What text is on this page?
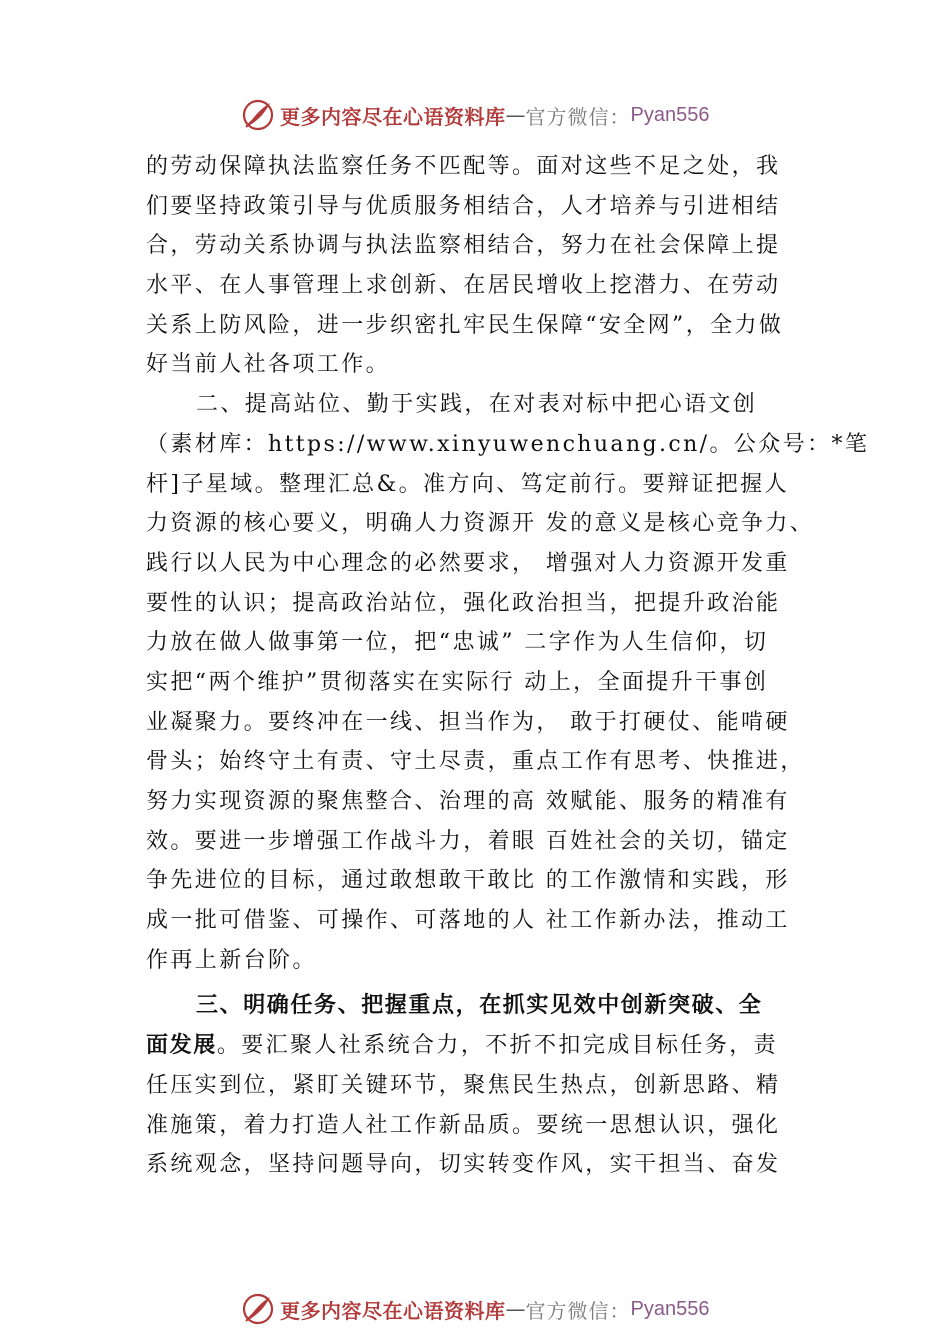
更多内容尽在心语资料库 — 官方微信： Pyan556
的劳动保障执法监察任务不匹配等。面对这些不足之处，我
们要坚持政策引导与优质服务相结合，人才培养与引进相结
合，劳动关系协调与执法监察相结合，努力在社会保障上提
水平、在人事管理上求创新、在居民增收上挖潜力、在劳动
关系上防风险，进一步织密扎牢民生保障“安全网”，全力做
好当前人社各项工作。
二、提高站位、勤于实践，在对表对标中把心语文创
（素材库：https://www.xinyuwenchuang.cn/。公众号：*笔
杆]子星域。整理汇总&。准方向、笃定前行。要辩证把握人
力资源的核心要义，明确人力资源开 发的意义是核心竞争力、
践行以人民为中心理念的必然要求， 增强对人力资源开发重
要性的认识；提高政治站位，强化政治担当，把提升政治能
力放在做人做事第一位，把“忠诚” 二字作为人生信仰，切
实把“两个维护”贯彻落实在实际行 动上，全面提升干事创
业凝聚力。要终冲在一线、担当作为， 敢于打硬仗、能啃硬
骨头；始终守土有责、守土尽责，重点工作有思考、快推进，
努力实现资源的聚焦整合、治理的高 效赋能、服务的精准有
效。要进一步增强工作战斗力，着眼 百姓社会的关切，锚定
争先进位的目标，通过敢想敢干敢比 的工作激情和实践，形
成一批可借鉴、可操作、可落地的人 社工作新办法，推动工
作再上新台阶。
三、明确任务、把握重点，在抓实见效中创新突破、全
面发展。要汇聚人社系统合力，不折不扣完成目标任务，责
任压实到位，紧盯关键环节，聚焦民生热点，创新思路、精
准施策，着力打造人社工作新品质。要统一思想认识，强化
系统观念，坚持问题导向，切实转变作风，实干担当、奋发
更多内容尽在心语资料库 — 官方微信： Pyan556
